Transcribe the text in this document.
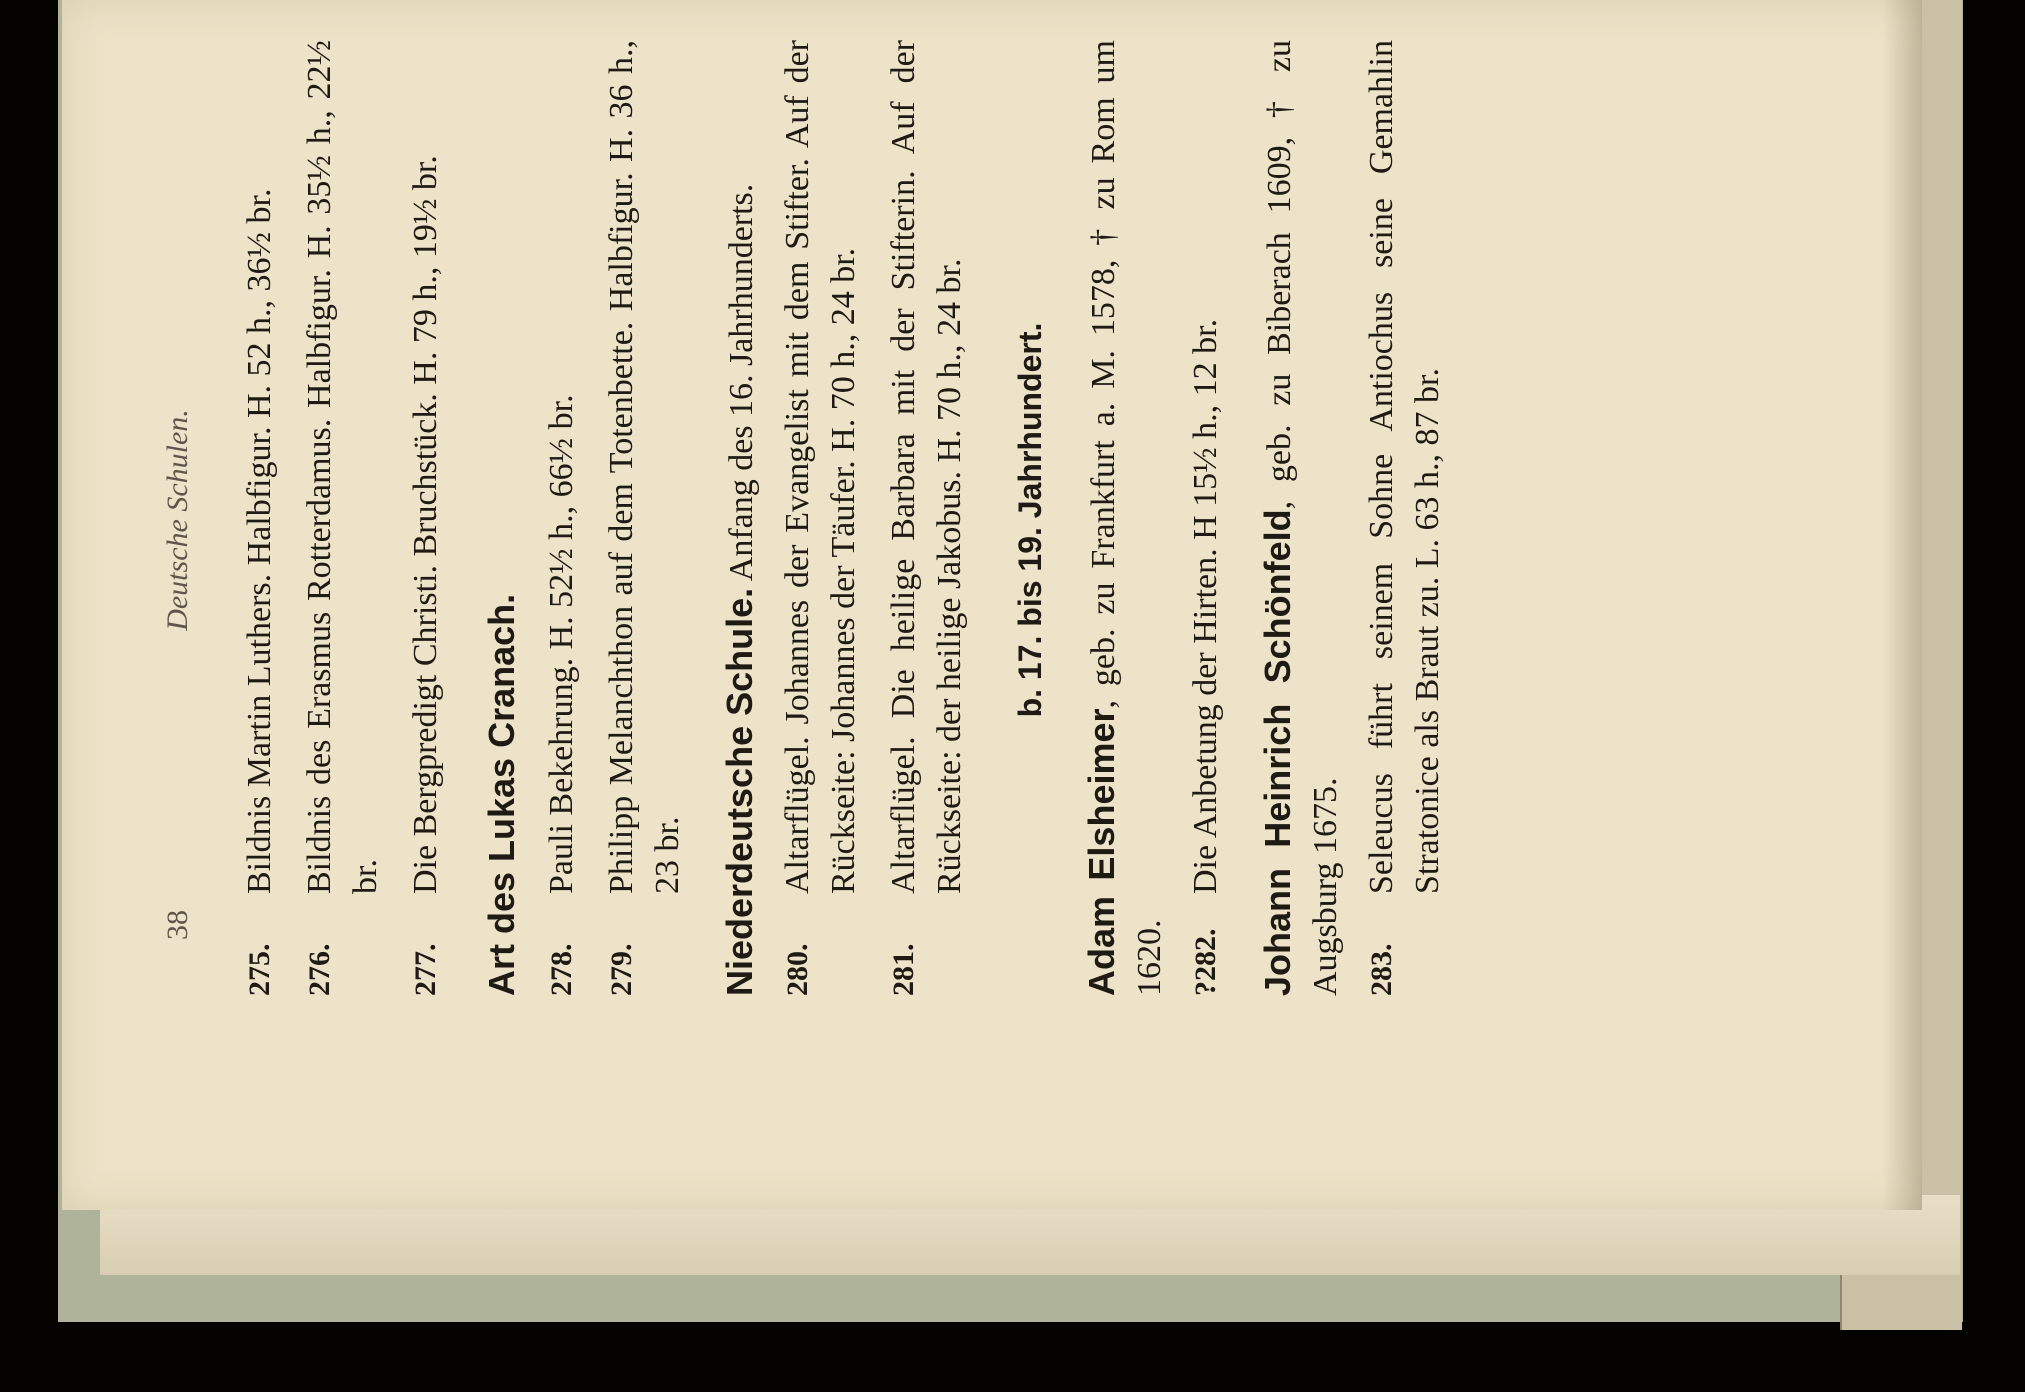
38
Deutsche Schulen.
275.
Bildnis Martin Luthers. Halbfigur. H. 52 h., 36½ br.
276.
Bildnis des Erasmus Rotterdamus. Halbfigur. H. 35½ h., 22½ br.
277.
Die Bergpredigt Christi. Bruchstück. H. 79 h., 19½ br. Art des Lukas Cranach. 278.
Pauli Bekehrung. H. 52½ h., 66½ br.
279.
Philipp Melanchthon auf dem Totenbette. Halbfigur. H. 36 h., 23 br. Niederdeutsche Schule. Anfang des 16. Jahrhunderts.
280.
Altarflügel. Johannes der Evangelist mit dem Stifter. Auf der Rückseite: Johannes der Täufer. H. 70 h., 24 br.
281.
Altarflügel. Die heilige Barbara mit der Stifterin. Auf der Rückseite: der heilige Jakobus. H. 70 h., 24 br. b. 17. bis 19. Jahrhundert.
Adam Elsheimer, geb. zu Frankfurt a. M. 1578, † zu Rom um 1620. ?282.
Die Anbetung der Hirten. H 15½ h., 12 br. Johann Heinrich Schönfeld, geb. zu Biberach 1609, † zu Augsburg 1675. 283.
Seleucus führt seinem Sohne Antiochus seine Gemahlin Stratonice als Braut zu. L. 63 h., 87 br.
